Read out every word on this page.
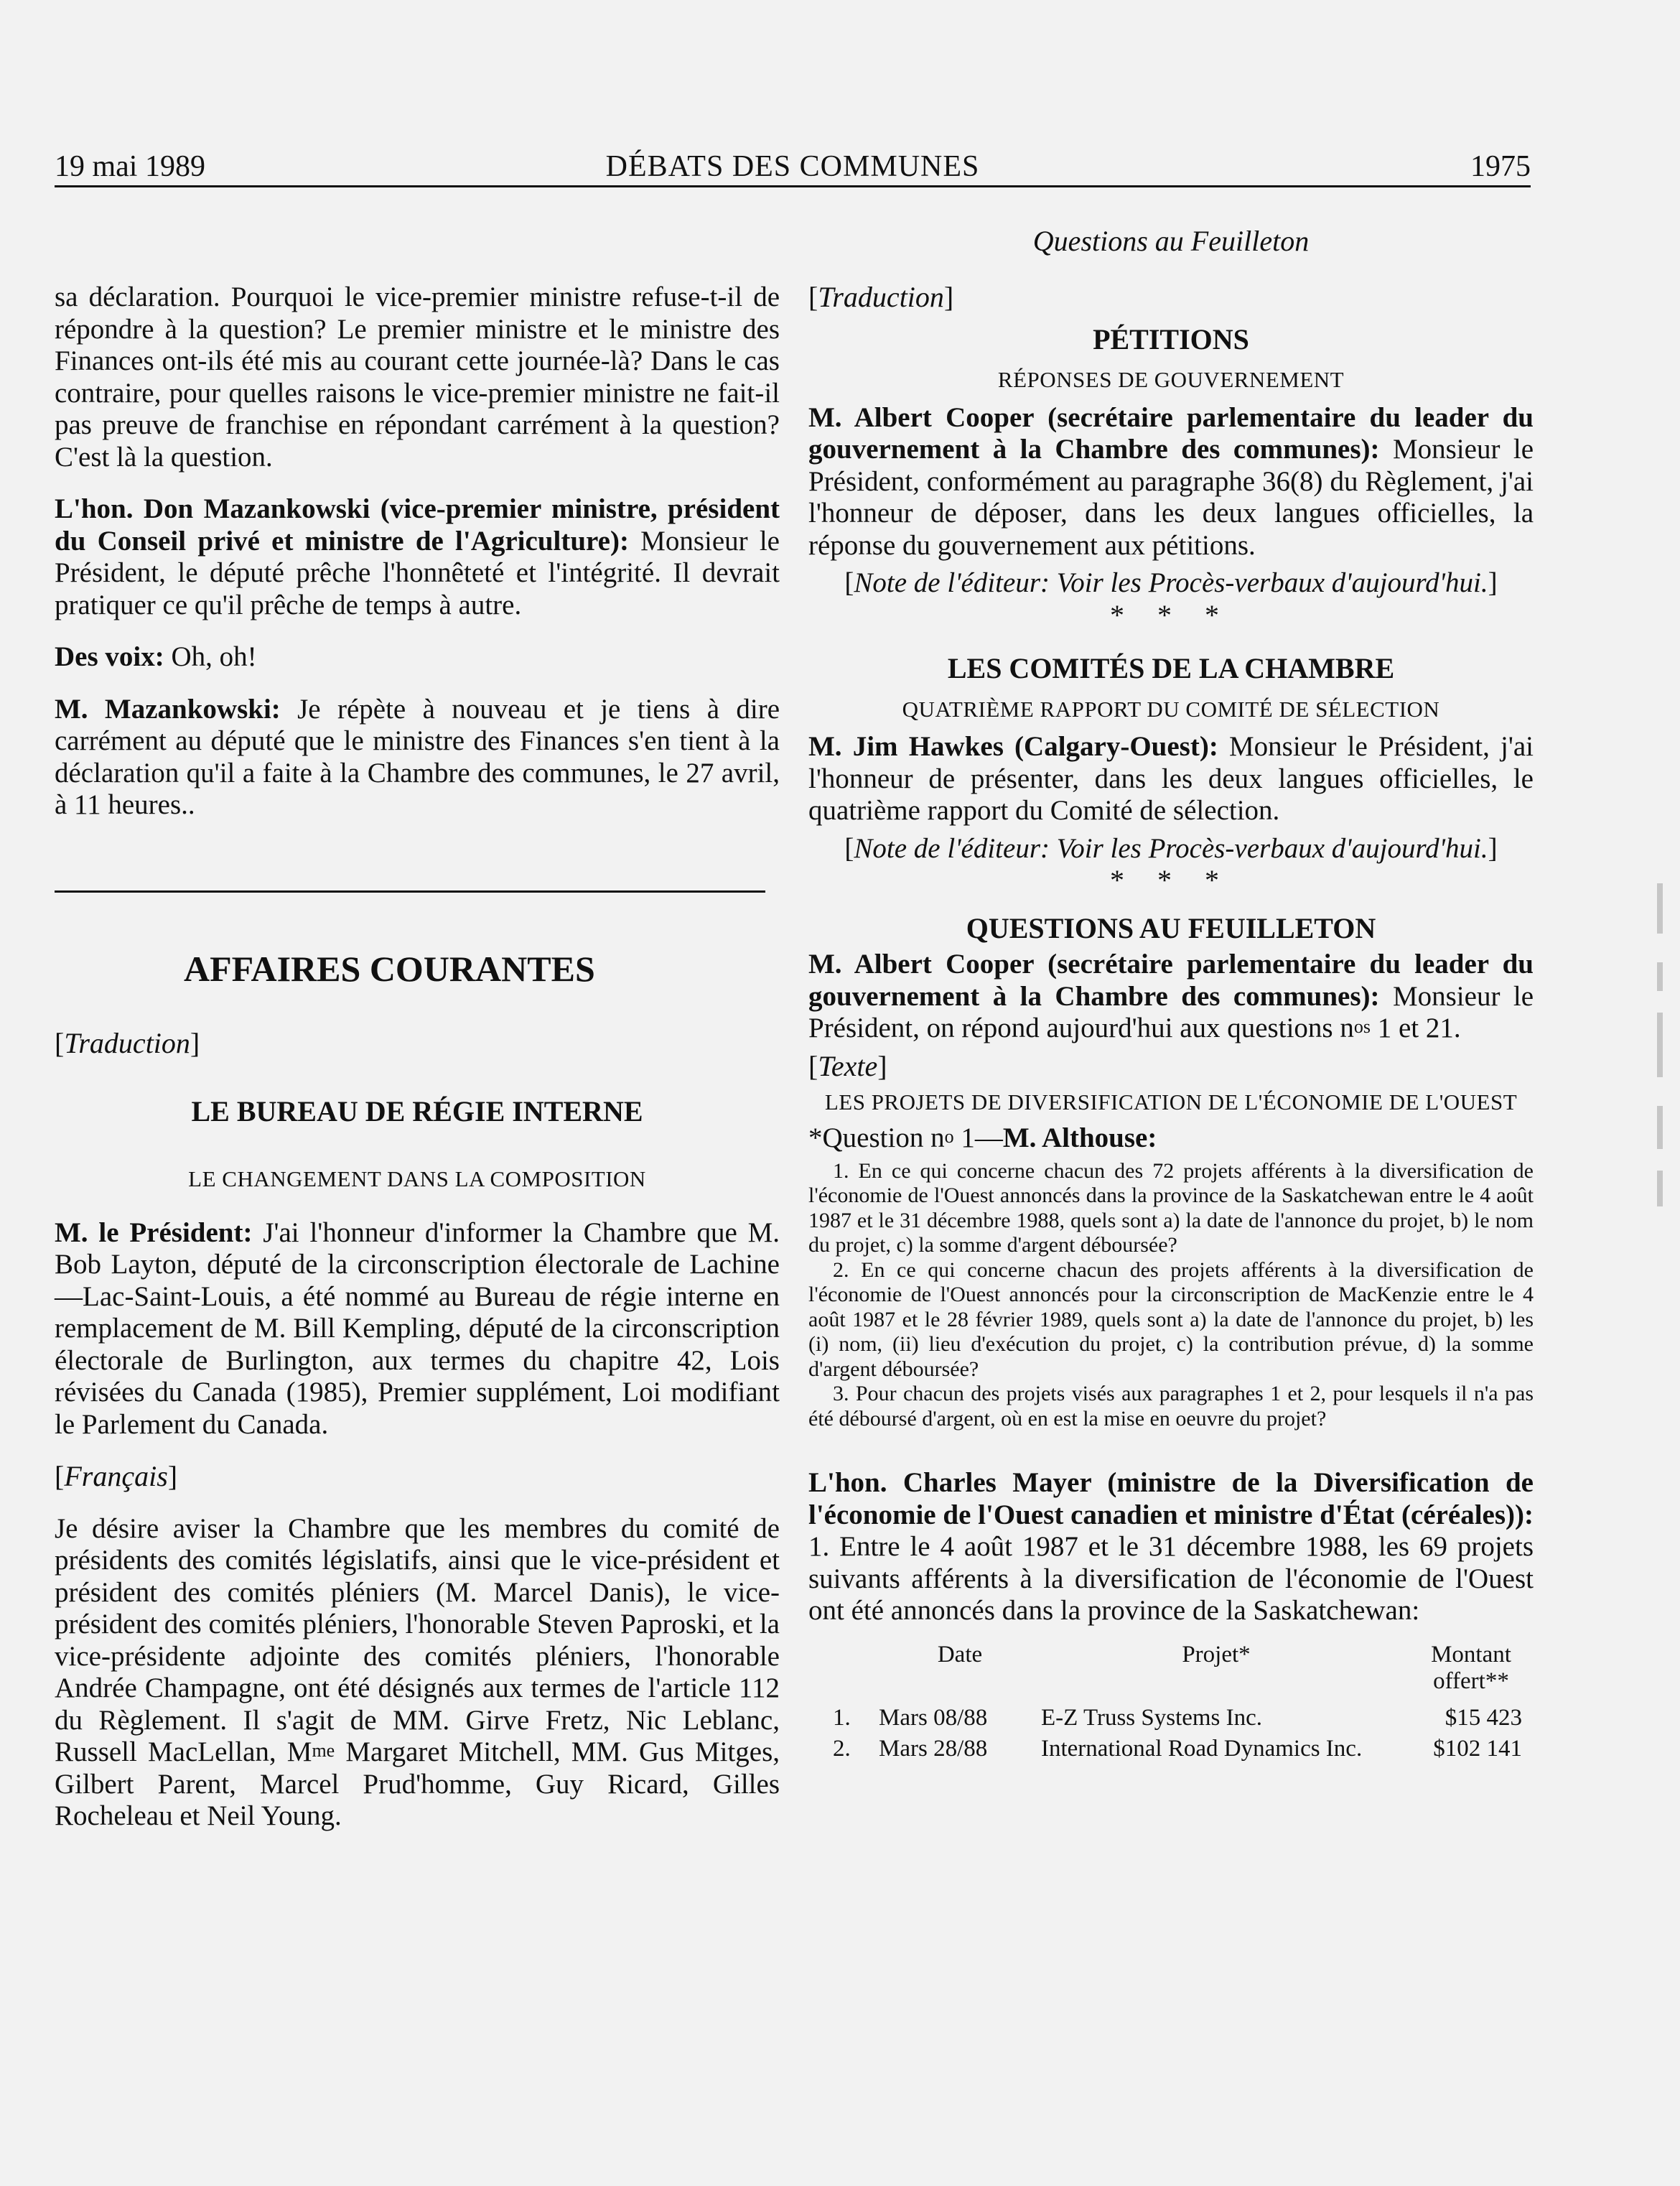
19 mai 1989	DÉBATS DES COMMUNES	1975
Questions au Feuilleton

sa déclaration. Pourquoi le vice-premier ministre refuse-t-il de répondre à la question? Le premier ministre et le ministre des Finances ont-ils été mis au courant cette journée-là? Dans le cas contraire, pour quelles raisons le vice-premier ministre ne fait-il pas preuve de franchise en répondant carrément à la question? C'est là la question.

L'hon. Don Mazankowski (vice-premier ministre, président du Conseil privé et ministre de l'Agriculture): Monsieur le Président, le député prêche l'honnêteté et l'intégrité. Il devrait pratiquer ce qu'il prêche de temps à autre.

Des voix: Oh, oh!

M. Mazankowski: Je répète à nouveau et je tiens à dire carrément au député que le ministre des Finances s'en tient à la déclaration qu'il a faite à la Chambre des communes, le 27 avril, à 11 heures..

AFFAIRES COURANTES

[Traduction]

LE BUREAU DE RÉGIE INTERNE

LE CHANGEMENT DANS LA COMPOSITION

M. le Président: J'ai l'honneur d'informer la Chambre que M. Bob Layton, député de la circonscription électorale de Lachine—Lac-Saint-Louis, a été nommé au Bureau de régie interne en remplacement de M. Bill Kempling, député de la circonscription électorale de Burlington, aux termes du chapitre 42, Lois révisées du Canada (1985), Premier supplément, Loi modifiant le Parlement du Canada.

[Français]

Je désire aviser la Chambre que les membres du comité de présidents des comités législatifs, ainsi que le vice-président et président des comités pléniers (M. Marcel Danis), le vice-président des comités pléniers, l'honorable Steven Paproski, et la vice-présidente adjointe des comités pléniers, l'honorable Andrée Champagne, ont été désignés aux termes de l'article 112 du Règlement. Il s'agit de MM. Girve Fretz, Nic Leblanc, Russell MacLellan, $M^{me}$ Margaret Mitchell, MM. Gus Mitges, Gilbert Parent, Marcel Prud'homme, Guy Ricard, Gilles Rocheleau et Neil Young.

[Traduction]

PÉTITIONS

RÉPONSES DE GOUVERNEMENT

M. Albert Cooper (secrétaire parlementaire du leader du gouvernement à la Chambre des communes): Monsieur le Président, conformément au paragraphe 36(8) du Règlement, j'ai l'honneur de déposer, dans les deux langues officielles, la réponse du gouvernement aux pétitions.

[Note de l'éditeur: Voir les Procès-verbaux d'aujourd'hui.]

* * *

LES COMITÉS DE LA CHAMBRE

QUATRIÈME RAPPORT DU COMITÉ DE SÉLECTION

M. Jim Hawkes (Calgary-Ouest): Monsieur le Président, j'ai l'honneur de présenter, dans les deux langues officielles, le quatrième rapport du Comité de sélection.

[Note de l'éditeur: Voir les Procès-verbaux d'aujourd'hui.]

* * *

QUESTIONS AU FEUILLETON

M. Albert Cooper (secrétaire parlementaire du leader du gouvernement à la Chambre des communes): Monsieur le Président, on répond aujourd'hui aux questions $n^{os}$ 1 et 21.

[Texte]

LES PROJETS DE DIVERSIFICATION DE L'ÉCONOMIE DE L'OUEST

*Question $n^o$ 1—M. Althouse:

1. En ce qui concerne chacun des 72 projets afférents à la diversification de l'économie de l'Ouest annoncés dans la province de la Saskatchewan entre le 4 août 1987 et le 31 décembre 1988, quels sont a) la date de l'annonce du projet, b) le nom du projet, c) la somme d'argent déboursée?

2. En ce qui concerne chacun des projets afférents à la diversification de l'économie de l'Ouest annoncés pour la circonscription de MacKenzie entre le 4 août 1987 et le 28 février 1989, quels sont a) la date de l'annonce du projet, b) les (i) nom, (ii) lieu d'exécution du projet, c) la contribution prévue, d) la somme d'argent déboursée?

3. Pour chacun des projets visés aux paragraphes 1 et 2, pour lesquels il n'a pas été déboursé d'argent, où en est la mise en oeuvre du projet?

L'hon. Charles Mayer (ministre de la Diversification de l'économie de l'Ouest canadien et ministre d'État (céréales)): 1. Entre le 4 août 1987 et le 31 décembre 1988, les 69 projets suivants afférents à la diversification de l'économie de l'Ouest ont été annoncés dans la province de la Saskatchewan:

	Date	Projet*	Montant offert**

1.	Mars 08/88	E-Z Truss Systems Inc.	$15 423

2.	Mars 28/88	International Road Dynamics Inc.	$102 141
